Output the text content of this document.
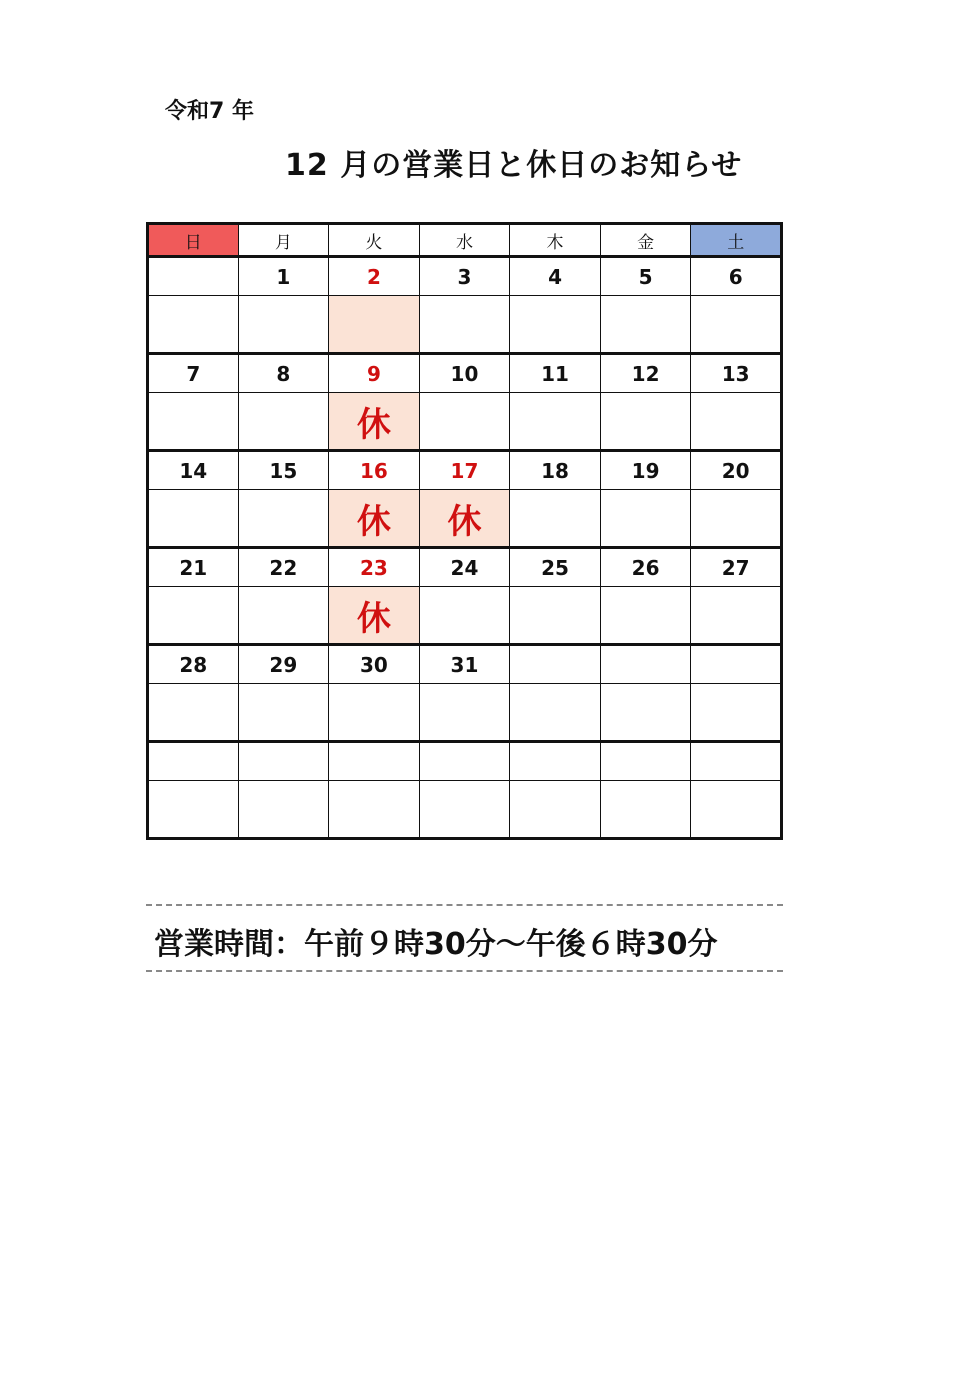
令和7 年
12 月の営業日と休日のお知らせ
日	月	火	水	木	金	土
	1	2	3	4	5	6

7	8	9	10	11	12	13
		休				
14	15	16	17	18	19	20
		休	休			
21	22	23	24	25	26	27
		休				
28	29	30	31			

営業時間：午前９時30分～午後６時30分
